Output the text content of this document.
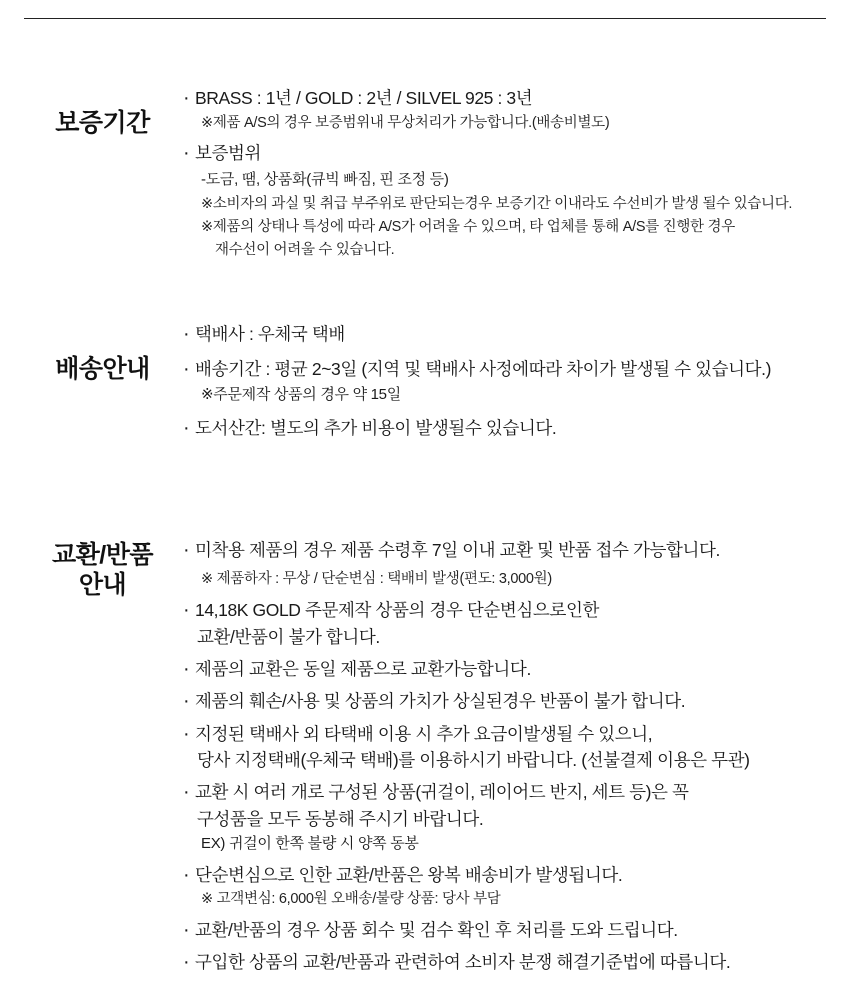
보증기간

· BRASS : 1년 / GOLD : 2년 / SILVEL 925 : 3년

※제품 A/S의 경우 보증범위내 무상처리가 가능합니다.(배송비별도)

· 보증범위

-도금, 땜, 상품화(큐빅 빠짐, 핀 조정 등)

※소비자의 과실 및 취급 부주위로 판단되는경우 보증기간 이내라도 수선비가 발생 될수 있습니다.

※제품의 상태나 특성에 따라 A/S가 어려울 수 있으며, 타 업체를 통해 A/S를 진행한 경우

재수선이 어려울 수 있습니다.

배송안내

· 택배사 : 우체국 택배

· 배송기간 : 평균 2~3일 (지역 및 택배사 사정에따라 차이가 발생될 수 있습니다.)

※주문제작 상품의 경우 약 15일

· 도서산간: 별도의 추가 비용이 발생될수 있습니다.

교환/반품
안내

· 미착용 제품의 경우 제품 수령후 7일 이내 교환 및 반품 접수 가능합니다.

※ 제품하자 : 무상 / 단순변심 : 택배비 발생(편도: 3,000원)

· 14,18K GOLD 주문제작 상품의 경우 단순변심으로인한

교환/반품이 불가 합니다.

· 제품의 교환은 동일 제품으로 교환가능합니다.

· 제품의 훼손/사용 및 상품의 가치가 상실된경우 반품이 불가 합니다.

· 지정된 택배사 외 타택배 이용 시 추가 요금이발생될 수 있으니,

당사 지정택배(우체국 택배)를 이용하시기 바랍니다. (선불결제 이용은 무관)

· 교환 시 여러 개로 구성된 상품(귀걸이, 레이어드 반지, 세트 등)은 꼭

구성품을 모두 동봉해 주시기 바랍니다.

EX) 귀걸이 한쪽 불량 시 양쪽 동봉

· 단순변심으로 인한 교환/반품은 왕복 배송비가 발생됩니다.

※ 고객변심: 6,000원 오배송/불량 상품: 당사 부담

· 교환/반품의 경우 상품 회수 및 검수 확인 후 처리를 도와 드립니다.

· 구입한 상품의 교환/반품과 관련하여 소비자 분쟁 해결기준법에 따릅니다.
